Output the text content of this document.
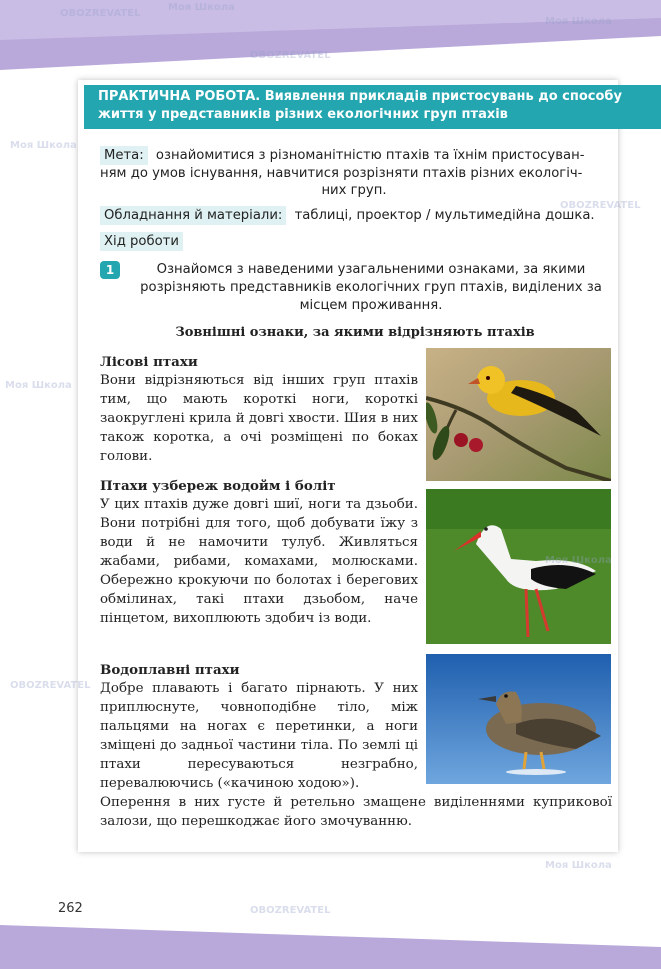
ПРАКТИЧНА РОБОТА. Виявлення прикладів пристосувань до способу життя у представників різних екологічних груп птахів
Мета: ознайомитися з різноманітністю птахів та їхнім пристосуван-
ням до умов існування, навчитися розрізняти птахів різних екологіч-

них груп.
Обладнання й матеріали: таблиці, проектор / мультимедійна дошка.
Хід роботи
1	Ознайомся з наведеними узагальненими ознаками, за якими розрізняють представників екологічних груп птахів, виділених за місцем проживання.
Зовнішні ознаки, за якими відрізняють птахів
Лісові птахи

Вони відрізняються від інших груп птахів тим, що мають короткі ноги, короткі заокруглені крила й довгі хвости. Шия в них також коротка, а очі розміщені по боках голови.

Птахи узбереж водойм і боліт

У цих птахів дуже довгі шиї, ноги та дзьоби. Вони потрібні для того, щоб добувати їжу з води й не намочити тулуб. Живляться жабами, рибами, комахами, молюсками. Обережно крокуючи по болотах і берегових обмілинах, такі птахи дзьобом, наче пінцетом, вихоплюють здобич із води.

Водоплавні птахи

Добре плавають і багато пірнають. У них приплюснуте, човноподібне тіло, між пальцями на ногах є перетинки, а ноги зміщені до задньої частини тіла. По землі ці птахи пересуваються незграбно, перевалюючись («качиною ходою»).

Оперення в них густе й ретельно змащене виділеннями куприкової залози, що перешкоджає його змочуванню.

262
Моя Школа
OBOZREVATEL
Моя Школа
OBOZREVATEL
Моя Школа
OBOZREVATEL
Моя Школа
Моя Школа
OBOZREVATEL
Моя Школа
OBOZREVATEL
